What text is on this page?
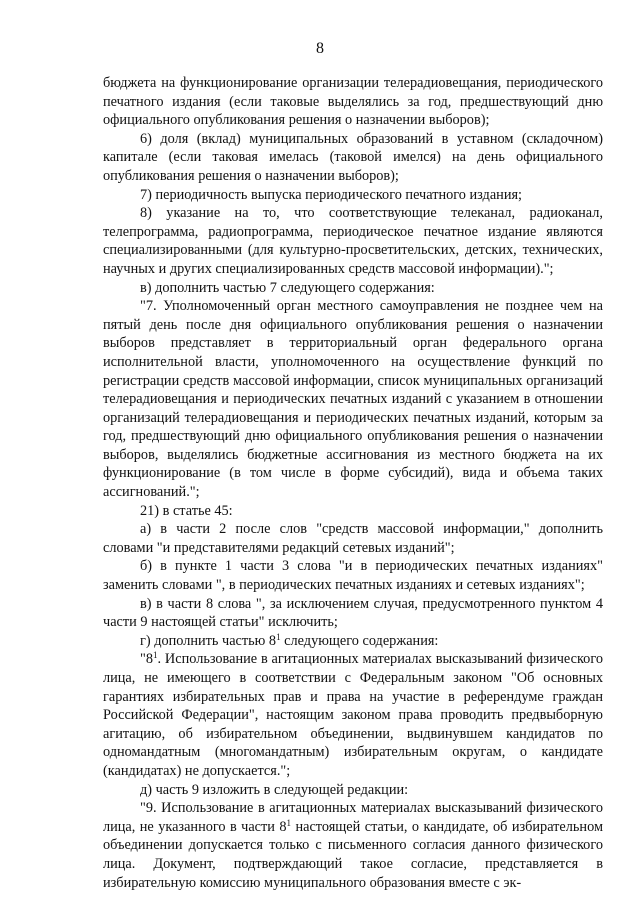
8

бюджета на функционирование организации телерадиовещания, периодического печатного издания (если таковые выделялись за год, предшествующий дню официального опубликования решения о назначении выборов);

6) доля (вклад) муниципальных образований в уставном (складочном) капитале (если таковая имелась (таковой имелся) на день официального опубликования решения о назначении выборов);

7) периодичность выпуска периодического печатного издания;

8) указание на то, что соответствующие телеканал, радиоканал, телепрограмма, радиопрограмма, периодическое печатное издание являются специализированными (для культурно-просветительских, детских, технических, научных и других специализированных средств массовой информации).";

в) дополнить частью 7 следующего содержания:

"7. Уполномоченный орган местного самоуправления не позднее чем на пятый день после дня официального опубликования решения о назначении выборов представляет в территориальный орган федерального органа исполнительной власти, уполномоченного на осуществление функций по регистрации средств массовой информации, список муниципальных организаций телерадиовещания и периодических печатных изданий с указанием в отношении организаций телерадиовещания и периодических печатных изданий, которым за год, предшествующий дню официального опубликования решения о назначении выборов, выделялись бюджетные ассигнования из местного бюджета на их функционирование (в том числе в форме субсидий), вида и объема таких ассигнований.";

21) в статье 45:

а) в части 2 после слов "средств массовой информации," дополнить словами "и представителями редакций сетевых изданий";

б) в пункте 1 части 3 слова "и в периодических печатных изданиях" заменить словами ", в периодических печатных изданиях и сетевых изданиях";

в) в части 8 слова ", за исключением случая, предусмотренного пунктом 4 части 9 настоящей статьи" исключить;

г) дополнить частью $8^1$ следующего содержания:

"$8^1$. Использование в агитационных материалах высказываний физического лица, не имеющего в соответствии с Федеральным законом "Об основных гарантиях избирательных прав и права на участие в референдуме граждан Российской Федерации", настоящим законом права проводить предвыборную агитацию, об избирательном объединении, выдвинувшем кандидатов по одномандатным (многомандатным) избирательным округам, о кандидате (кандидатах) не допускается.";

д) часть 9 изложить в следующей редакции:

"9. Использование в агитационных материалах высказываний физического лица, не указанного в части $8^1$ настоящей статьи, о кандидате, об избирательном объединении допускается только с письменного согласия данного физического лица. Документ, подтверждающий такое согласие, представляется в избирательную комиссию муниципального образования вместе с эк-
